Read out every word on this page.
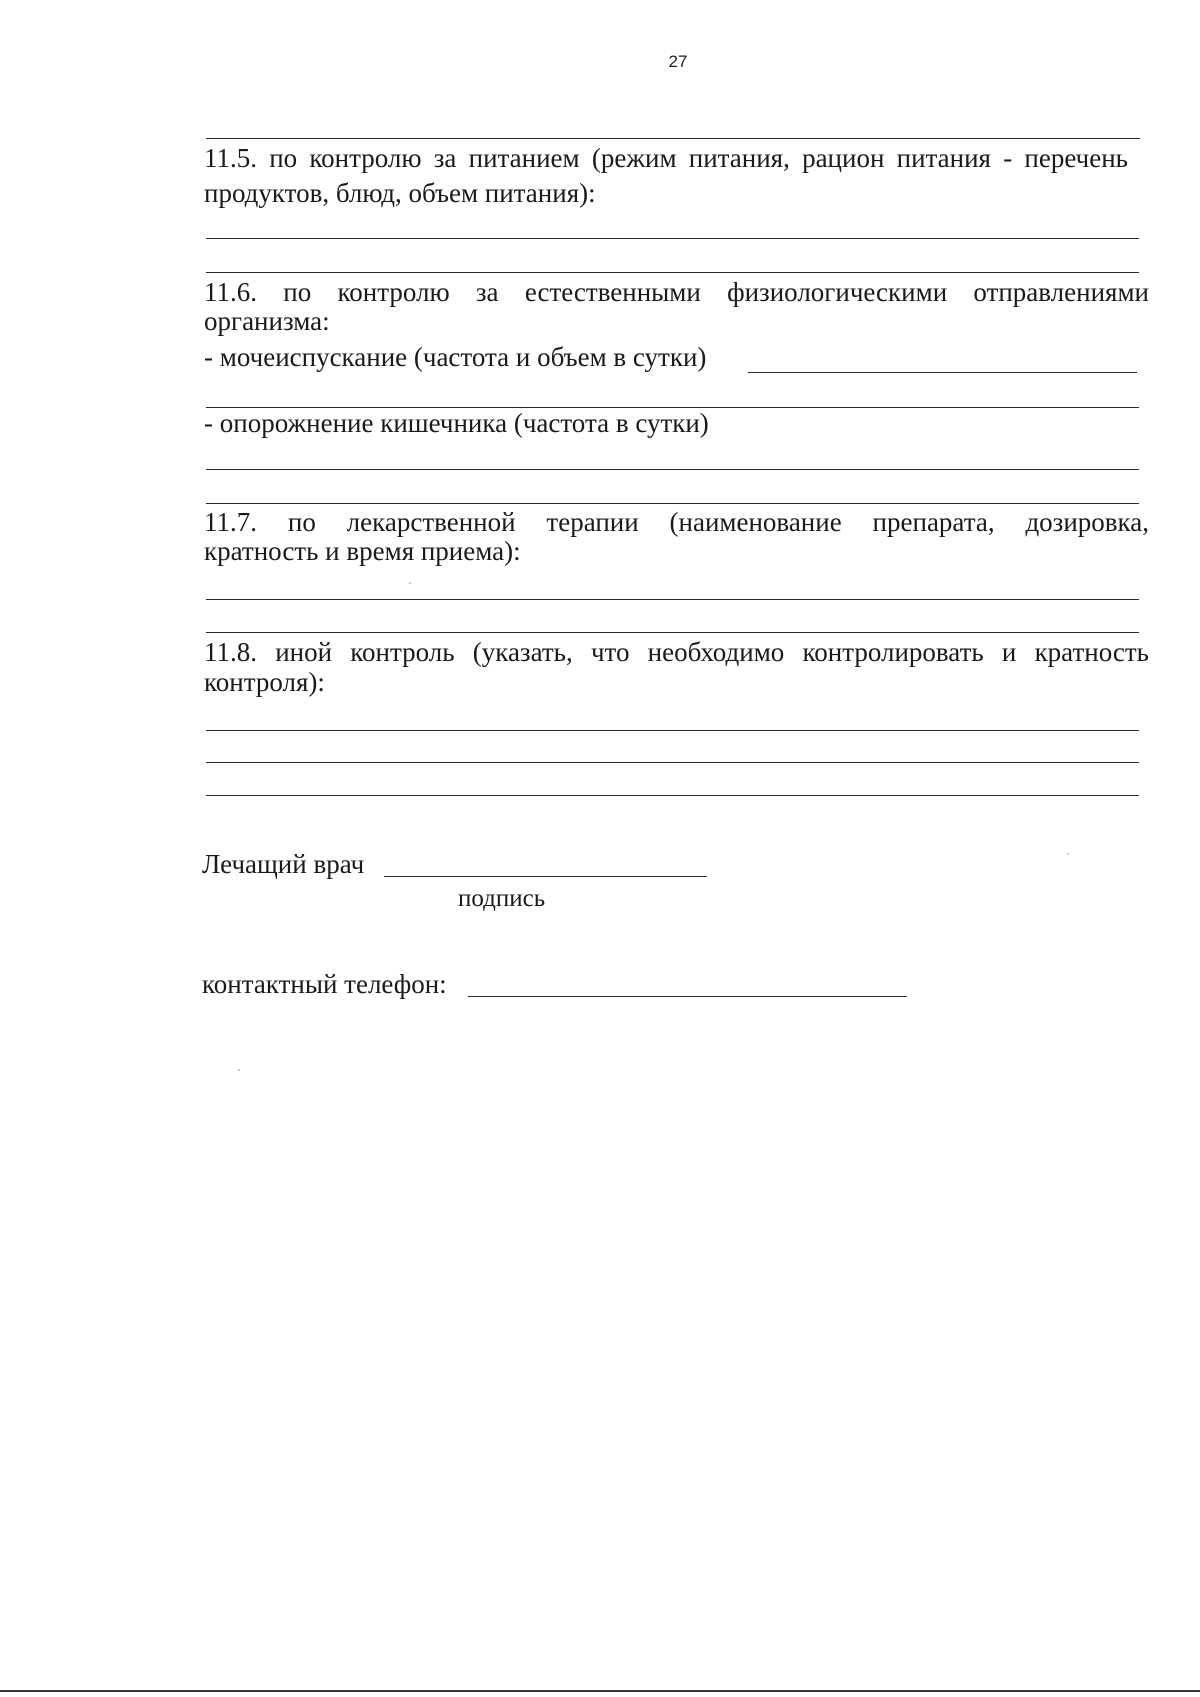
27
11.5. по контролю за питанием (режим питания, рацион питания - перечень
продуктов, блюд, объем питания):
11.6. по контролю за естественными физиологическими отправлениями
организма:
- мочеиспускание (частота и объем в сутки)
- опорожнение кишечника (частота в сутки)
11.7. по лекарственной терапии (наименование препарата, дозировка,
кратность и время приема):
11.8. иной контроль (указать, что необходимо контролировать и кратность
контроля):
Лечащий врач
подпись
контактный телефон:
